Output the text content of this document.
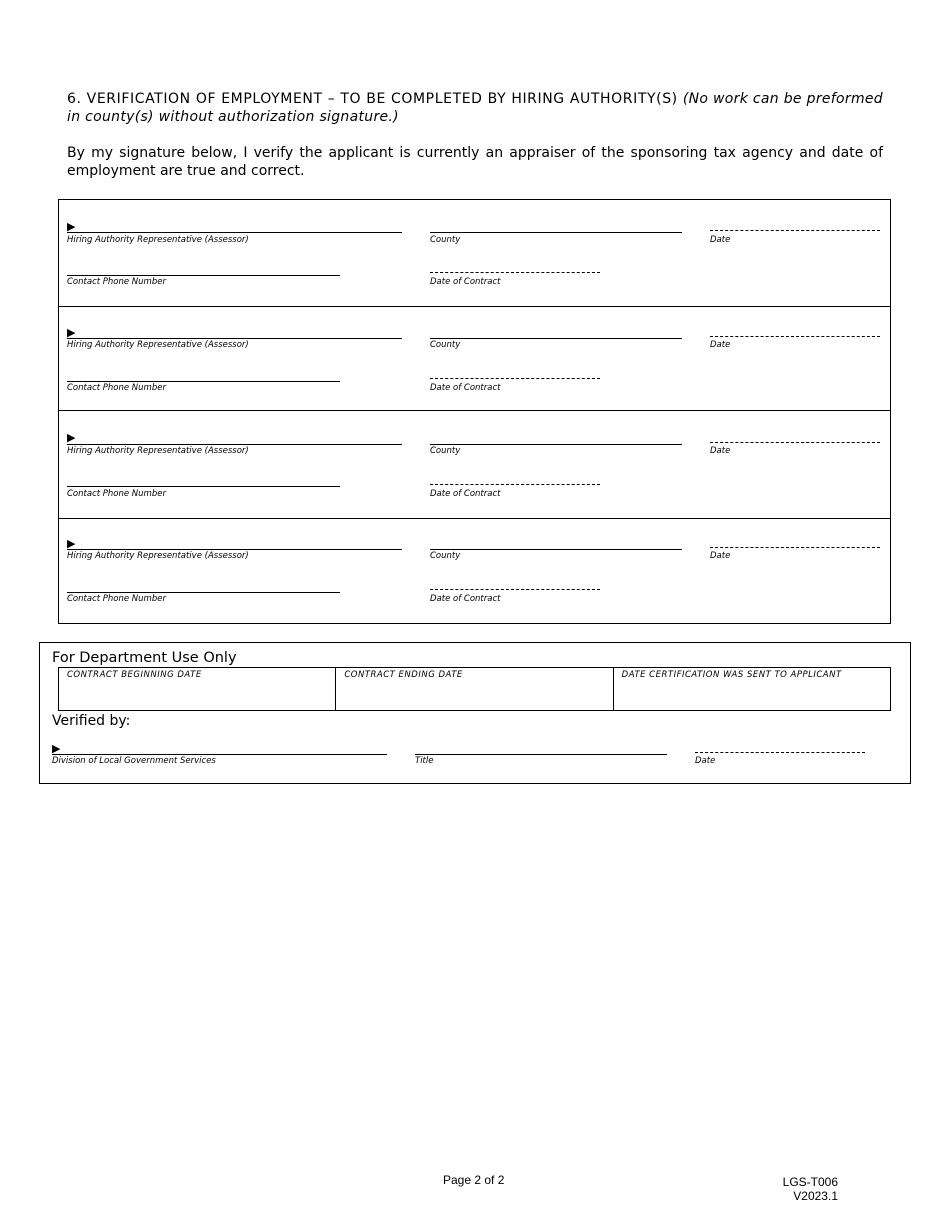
6. VERIFICATION OF EMPLOYMENT – TO BE COMPLETED BY HIRING AUTHORITY(S) (No work can be preformed in county(s) without authorization signature.)
By my signature below, I verify the applicant is currently an appraiser of the sponsoring tax agency and date of employment are true and correct.
▶
Hiring Authority Representative (Assessor)	County	Date
Contact Phone Number	Date of Contract
▶
Hiring Authority Representative (Assessor)	County	Date
Contact Phone Number	Date of Contract
▶
Hiring Authority Representative (Assessor)	County	Date
Contact Phone Number	Date of Contract
▶
Hiring Authority Representative (Assessor)	County	Date
Contact Phone Number	Date of Contract
For Department Use Only
CONTRACT BEGINNING DATE	CONTRACT ENDING DATE	DATE CERTIFICATION WAS SENT TO APPLICANT
Verified by:
▶
Division of Local Government Services	Title	Date
Page 2 of 2	LGS-T006
V2023.1
